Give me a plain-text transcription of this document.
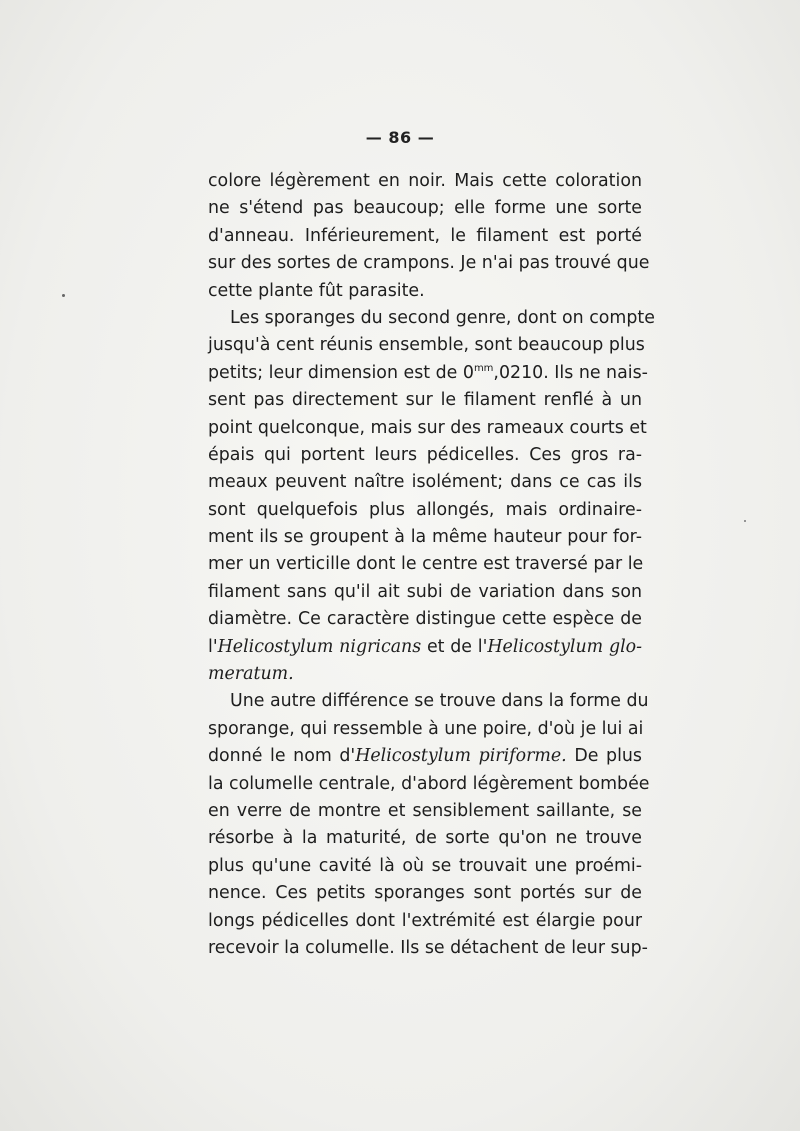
— 86 —
colore légèrement en noir. Mais cette coloration
ne s'étend pas beaucoup; elle forme une sorte
d'anneau. Inférieurement, le filament est porté
sur des sortes de crampons. Je n'ai pas trouvé que
cette plante fût parasite.
Les sporanges du second genre, dont on compte
jusqu'à cent réunis ensemble, sont beaucoup plus
petits; leur dimension est de $0^{mm},0210$. Ils ne nais-
sent pas directement sur le filament renflé à un
point quelconque, mais sur des rameaux courts et
épais qui portent leurs pédicelles. Ces gros ra-
meaux peuvent naître isolément; dans ce cas ils
sont quelquefois plus allongés, mais ordinaire-
ment ils se groupent à la même hauteur pour for-
mer un verticille dont le centre est traversé par le
filament sans qu'il ait subi de variation dans son
diamètre. Ce caractère distingue cette espèce de
l'Helicostylum nigricans et de l'Helicostylum glo-
meratum.
Une autre différence se trouve dans la forme du
sporange, qui ressemble à une poire, d'où je lui ai
donné le nom d'Helicostylum piriforme. De plus
la columelle centrale, d'abord légèrement bombée
en verre de montre et sensiblement saillante, se
résorbe à la maturité, de sorte qu'on ne trouve
plus qu'une cavité là où se trouvait une proémi-
nence. Ces petits sporanges sont portés sur de
longs pédicelles dont l'extrémité est élargie pour
recevoir la columelle. Ils se détachent de leur sup-
